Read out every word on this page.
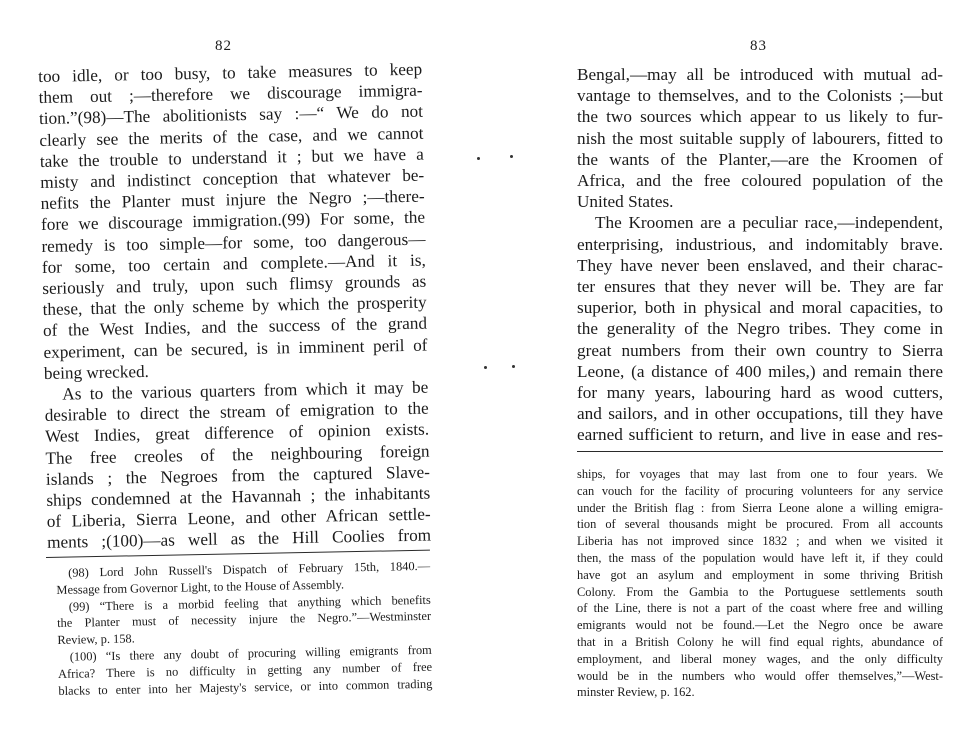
82
too idle, or too busy, to take measures to keep
them out ;—therefore we discourage immigra-
tion.”(98)—The abolitionists say :—“ We do not
clearly see the merits of the case, and we cannot
take the trouble to understand it ; but we have a
misty and indistinct conception that whatever be-
nefits the Planter must injure the Negro ;—there-
fore we discourage immigration.(99) For some, the
remedy is too simple—for some, too dangerous—
for some, too certain and complete.—And it is,
seriously and truly, upon such flimsy grounds as
these, that the only scheme by which the prosperity
of the West Indies, and the success of the grand
experiment, can be secured, is in imminent peril of
being wrecked.
As to the various quarters from which it may be
desirable to direct the stream of emigration to the
West Indies, great difference of opinion exists.
The free creoles of the neighbouring foreign
islands ; the Negroes from the captured Slave-
ships condemned at the Havannah ; the inhabitants
of Liberia, Sierra Leone, and other African settle-
ments ;(100)—as well as the Hill Coolies from
(98) Lord John Russell's Dispatch of February 15th, 1840.—
Message from Governor Light, to the House of Assembly.
(99) “There is a morbid feeling that anything which benefits
the Planter must of necessity injure the Negro.”—Westminster
Review, p. 158.
(100) “Is there any doubt of procuring willing emigrants from
Africa? There is no difficulty in getting any number of free
blacks to enter into her Majesty's service, or into common trading
83
Bengal,—may all be introduced with mutual ad-
vantage to themselves, and to the Colonists ;—but
the two sources which appear to us likely to fur-
nish the most suitable supply of labourers, fitted to
the wants of the Planter,—are the Kroomen of
Africa, and the free coloured population of the
United States.
The Kroomen are a peculiar race,—independent,
enterprising, industrious, and indomitably brave.
They have never been enslaved, and their charac-
ter ensures that they never will be. They are far
superior, both in physical and moral capacities, to
the generality of the Negro tribes. They come in
great numbers from their own country to Sierra
Leone, (a distance of 400 miles,) and remain there
for many years, labouring hard as wood cutters,
and sailors, and in other occupations, till they have
earned sufficient to return, and live in ease and res-
ships, for voyages that may last from one to four years. We
can vouch for the facility of procuring volunteers for any service
under the British flag : from Sierra Leone alone a willing emigra-
tion of several thousands might be procured. From all accounts
Liberia has not improved since 1832 ; and when we visited it
then, the mass of the population would have left it, if they could
have got an asylum and employment in some thriving British
Colony. From the Gambia to the Portuguese settlements south
of the Line, there is not a part of the coast where free and willing
emigrants would not be found.—Let the Negro once be aware
that in a British Colony he will find equal rights, abundance of
employment, and liberal money wages, and the only difficulty
would be in the numbers who would offer themselves,”—West-
minster Review, p. 162.
